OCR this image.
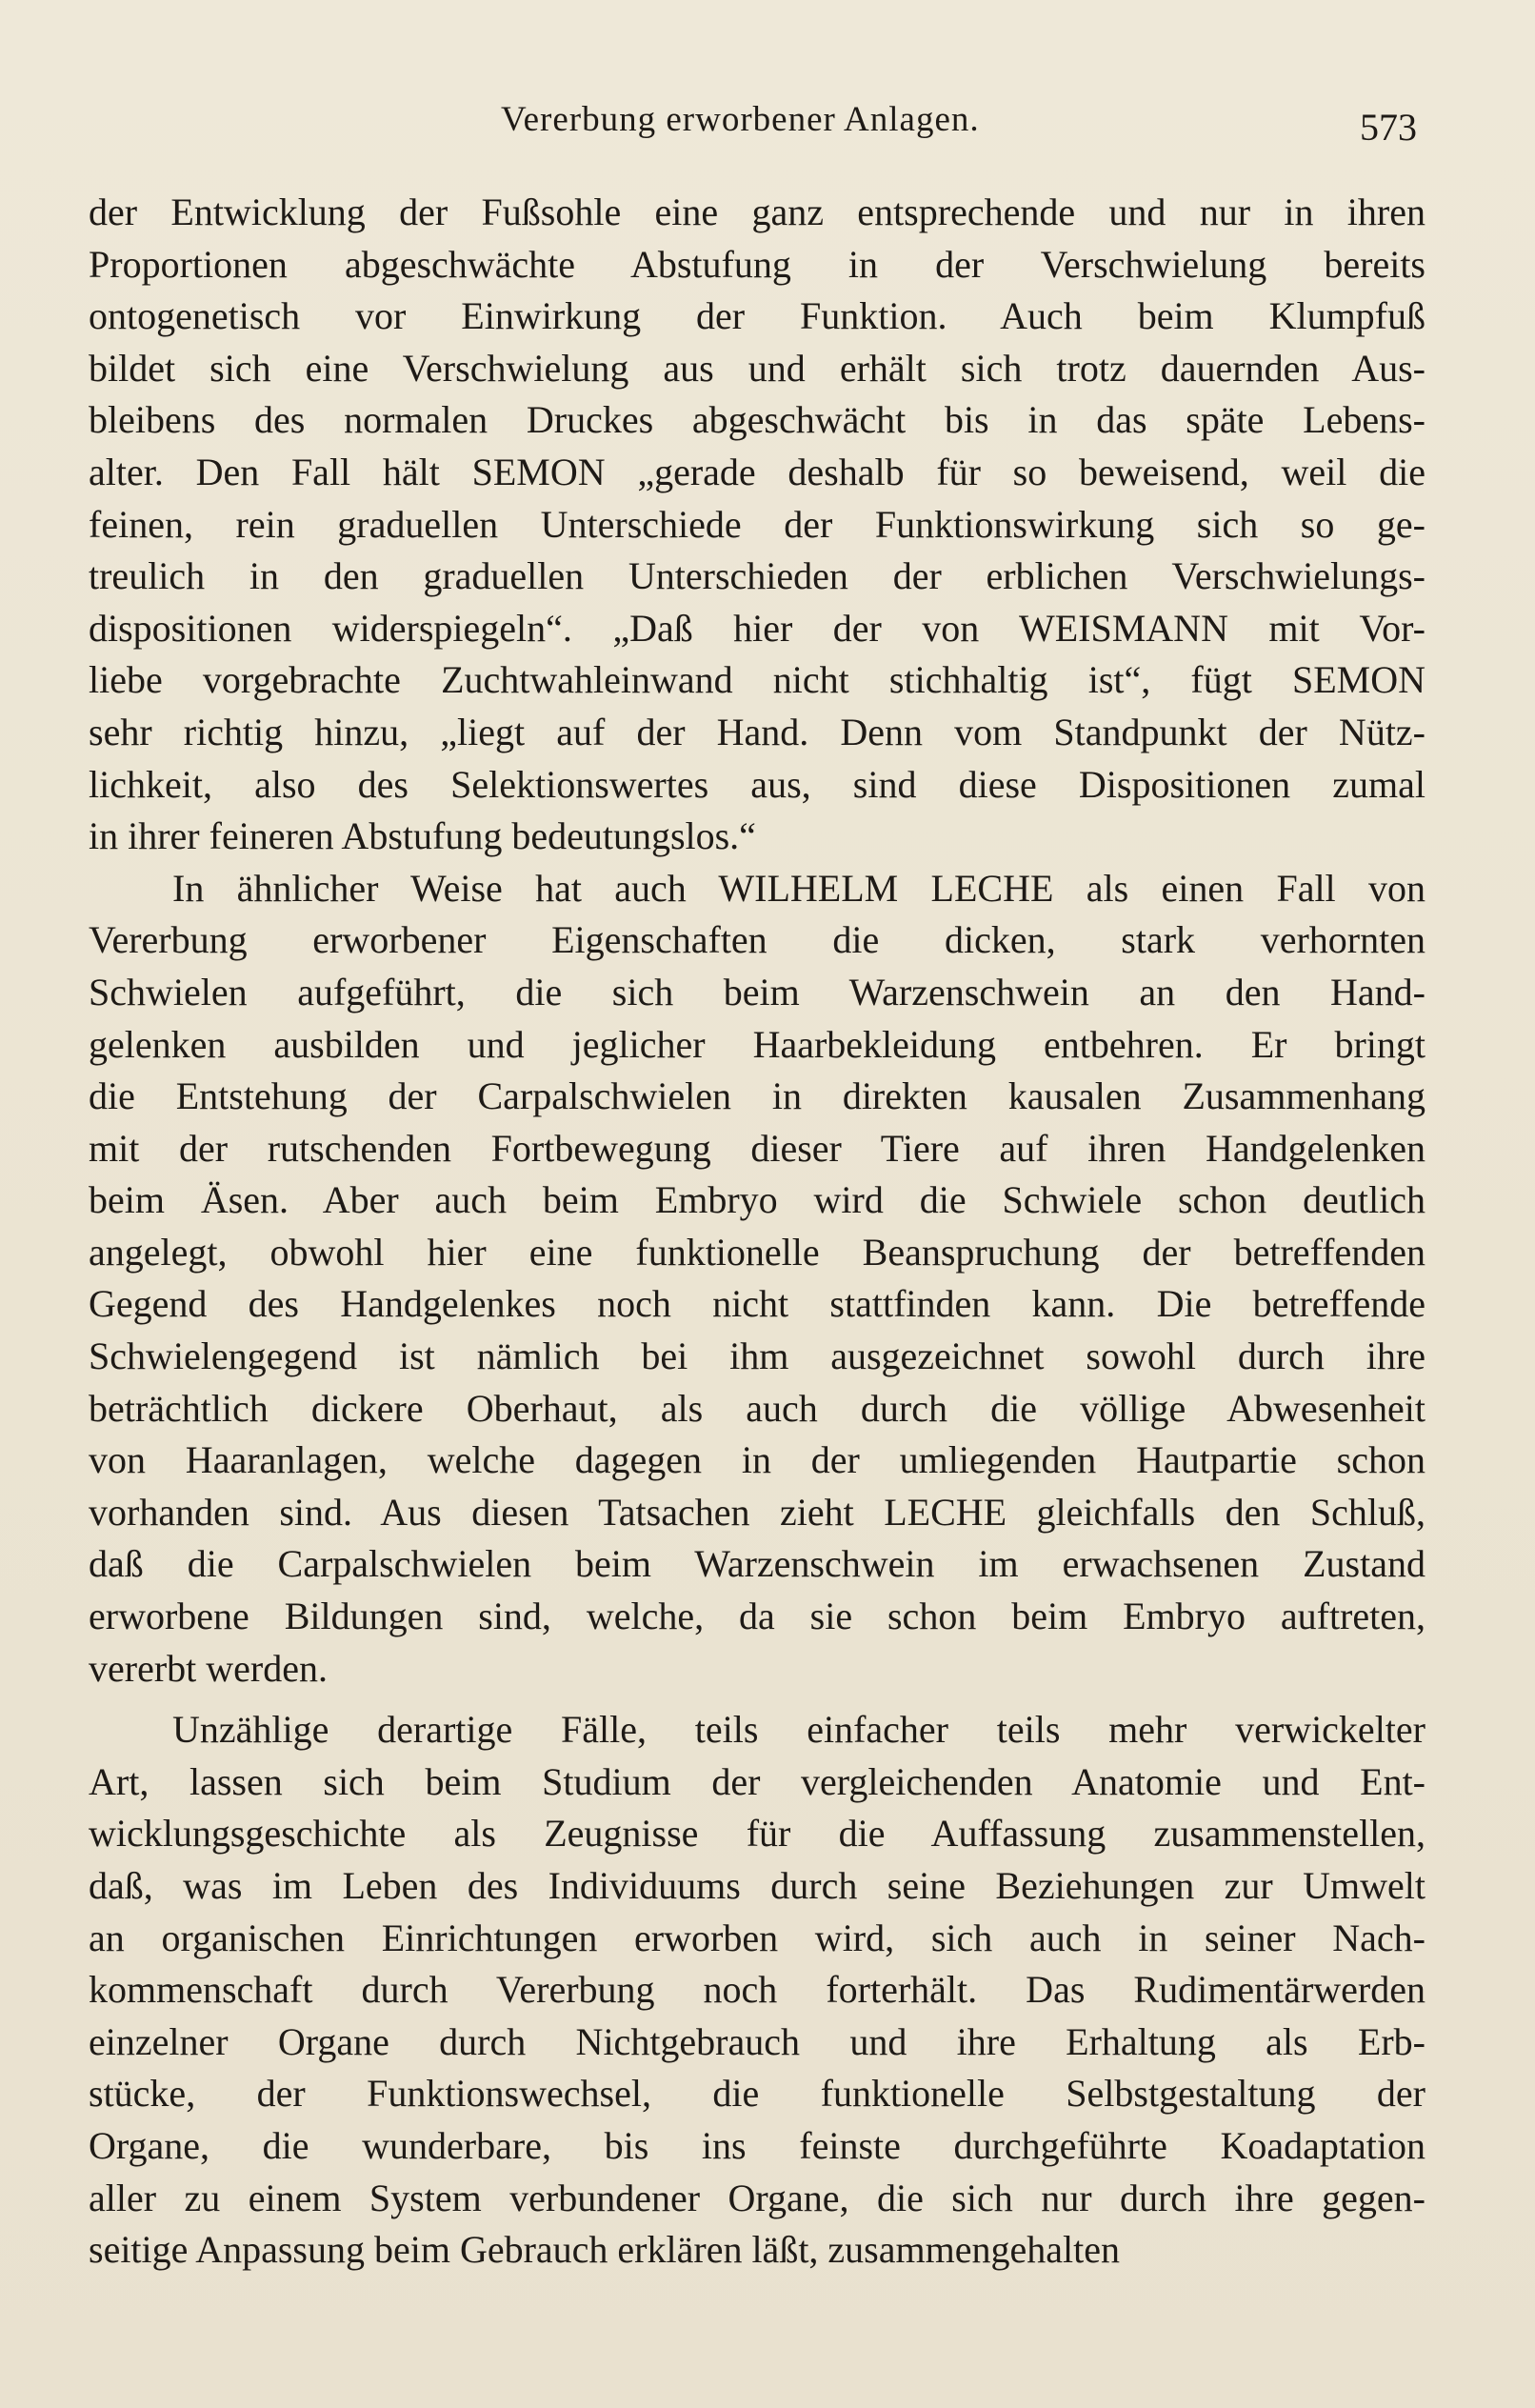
Vererbung erworbener Anlagen.	573
der Entwicklung der Fußsohle eine ganz entsprechende und nur in ihren
Proportionen abgeschwächte Abstufung in der Verschwielung bereits
ontogenetisch vor Einwirkung der Funktion. Auch beim Klumpfuß
bildet sich eine Verschwielung aus und erhält sich trotz dauernden Aus-
bleibens des normalen Druckes abgeschwächt bis in das späte Lebens-
alter. Den Fall hält SEMON „gerade deshalb für so beweisend, weil die
feinen, rein graduellen Unterschiede der Funktionswirkung sich so ge-
treulich in den graduellen Unterschieden der erblichen Verschwielungs-
dispositionen widerspiegeln“. „Daß hier der von WEISMANN mit Vor-
liebe vorgebrachte Zuchtwahleinwand nicht stichhaltig ist“, fügt SEMON
sehr richtig hinzu, „liegt auf der Hand. Denn vom Standpunkt der Nütz-
lichkeit, also des Selektionswertes aus, sind diese Dispositionen zumal
in ihrer feineren Abstufung bedeutungslos.“
In ähnlicher Weise hat auch WILHELM LECHE als einen Fall von
Vererbung erworbener Eigenschaften die dicken, stark verhornten
Schwielen aufgeführt, die sich beim Warzenschwein an den Hand-
gelenken ausbilden und jeglicher Haarbekleidung entbehren. Er bringt
die Entstehung der Carpalschwielen in direkten kausalen Zusammenhang
mit der rutschenden Fortbewegung dieser Tiere auf ihren Handgelenken
beim Äsen. Aber auch beim Embryo wird die Schwiele schon deutlich
angelegt, obwohl hier eine funktionelle Beanspruchung der betreffenden
Gegend des Handgelenkes noch nicht stattfinden kann. Die betreffende
Schwielengegend ist nämlich bei ihm ausgezeichnet sowohl durch ihre
beträchtlich dickere Oberhaut, als auch durch die völlige Abwesenheit
von Haaranlagen, welche dagegen in der umliegenden Hautpartie schon
vorhanden sind. Aus diesen Tatsachen zieht LECHE gleichfalls den Schluß,
daß die Carpalschwielen beim Warzenschwein im erwachsenen Zustand
erworbene Bildungen sind, welche, da sie schon beim Embryo auftreten,
vererbt werden.
Unzählige derartige Fälle, teils einfacher teils mehr verwickelter
Art, lassen sich beim Studium der vergleichenden Anatomie und Ent-
wicklungsgeschichte als Zeugnisse für die Auffassung zusammenstellen,
daß, was im Leben des Individuums durch seine Beziehungen zur Umwelt
an organischen Einrichtungen erworben wird, sich auch in seiner Nach-
kommenschaft durch Vererbung noch forterhält. Das Rudimentärwerden
einzelner Organe durch Nichtgebrauch und ihre Erhaltung als Erb-
stücke, der Funktionswechsel, die funktionelle Selbstgestaltung der
Organe, die wunderbare, bis ins feinste durchgeführte Koadaptation
aller zu einem System verbundener Organe, die sich nur durch ihre gegen-
seitige Anpassung beim Gebrauch erklären läßt, zusammengehalten
